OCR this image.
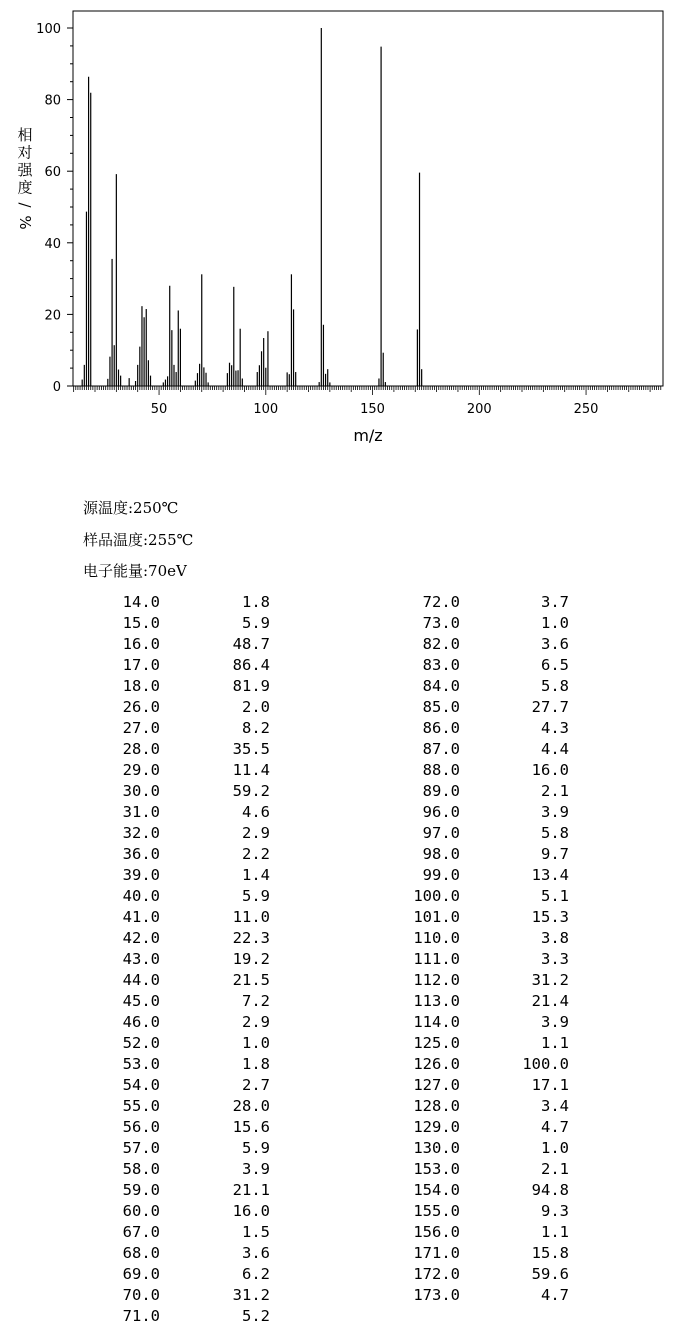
0
20
40
60
80
100
50	100	150	200	250
m/z
相
对
强
度
/
%
源温度:250℃
样品温度:255℃
电子能量:70eV
14.0	1.8
15.0	5.9
16.0	48.7
17.0	86.4
18.0	81.9
26.0	2.0
27.0	8.2
28.0	35.5
29.0	11.4
30.0	59.2
31.0	4.6
32.0	2.9
36.0	2.2
39.0	1.4
40.0	5.9
41.0	11.0
42.0	22.3
43.0	19.2
44.0	21.5
45.0	7.2
46.0	2.9
52.0	1.0
53.0	1.8
54.0	2.7
55.0	28.0
56.0	15.6
57.0	5.9
58.0	3.9
59.0	21.1
60.0	16.0
67.0	1.5
68.0	3.6
69.0	6.2
70.0	31.2
71.0	5.2
72.0	3.7
73.0	1.0
82.0	3.6
83.0	6.5
84.0	5.8
85.0	27.7
86.0	4.3
87.0	4.4
88.0	16.0
89.0	2.1
96.0	3.9
97.0	5.8
98.0	9.7
99.0	13.4
100.0	5.1
101.0	15.3
110.0	3.8
111.0	3.3
112.0	31.2
113.0	21.4
114.0	3.9
125.0	1.1
126.0	100.0
127.0	17.1
128.0	3.4
129.0	4.7
130.0	1.0
153.0	2.1
154.0	94.8
155.0	9.3
156.0	1.1
171.0	15.8
172.0	59.6
173.0	4.7
